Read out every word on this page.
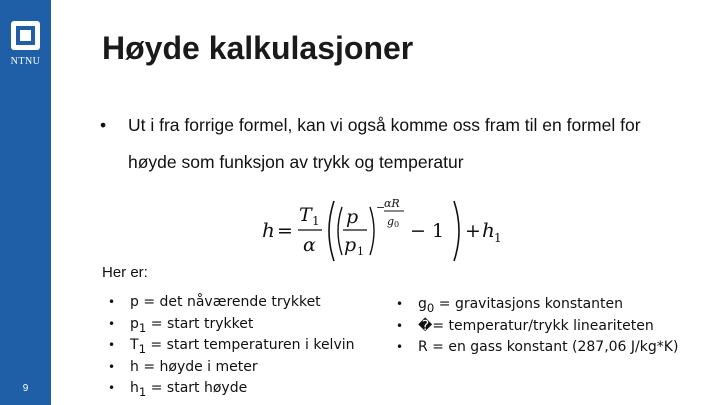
NTNU
9
Høyde kalkulasjoner
•	Ut i fra forrige formel, kan vi også komme oss fram til en formel for høyde som funksjon av trykk og temperatur
h =
T 1
α
p
p 1
−
αR
g 0 − 1 + h 1
Her er:
• p = det nåværende trykket
• $p_1$ = start trykket
• $T_1$ = start temperaturen i kelvin
• h = høyde i meter
• $h_1$ = start høyde
• $g_0$ = gravitasjons konstanten
• �= temperatur/trykk lineariteten
• R = en gass konstant (287,06 J/kg*K)
